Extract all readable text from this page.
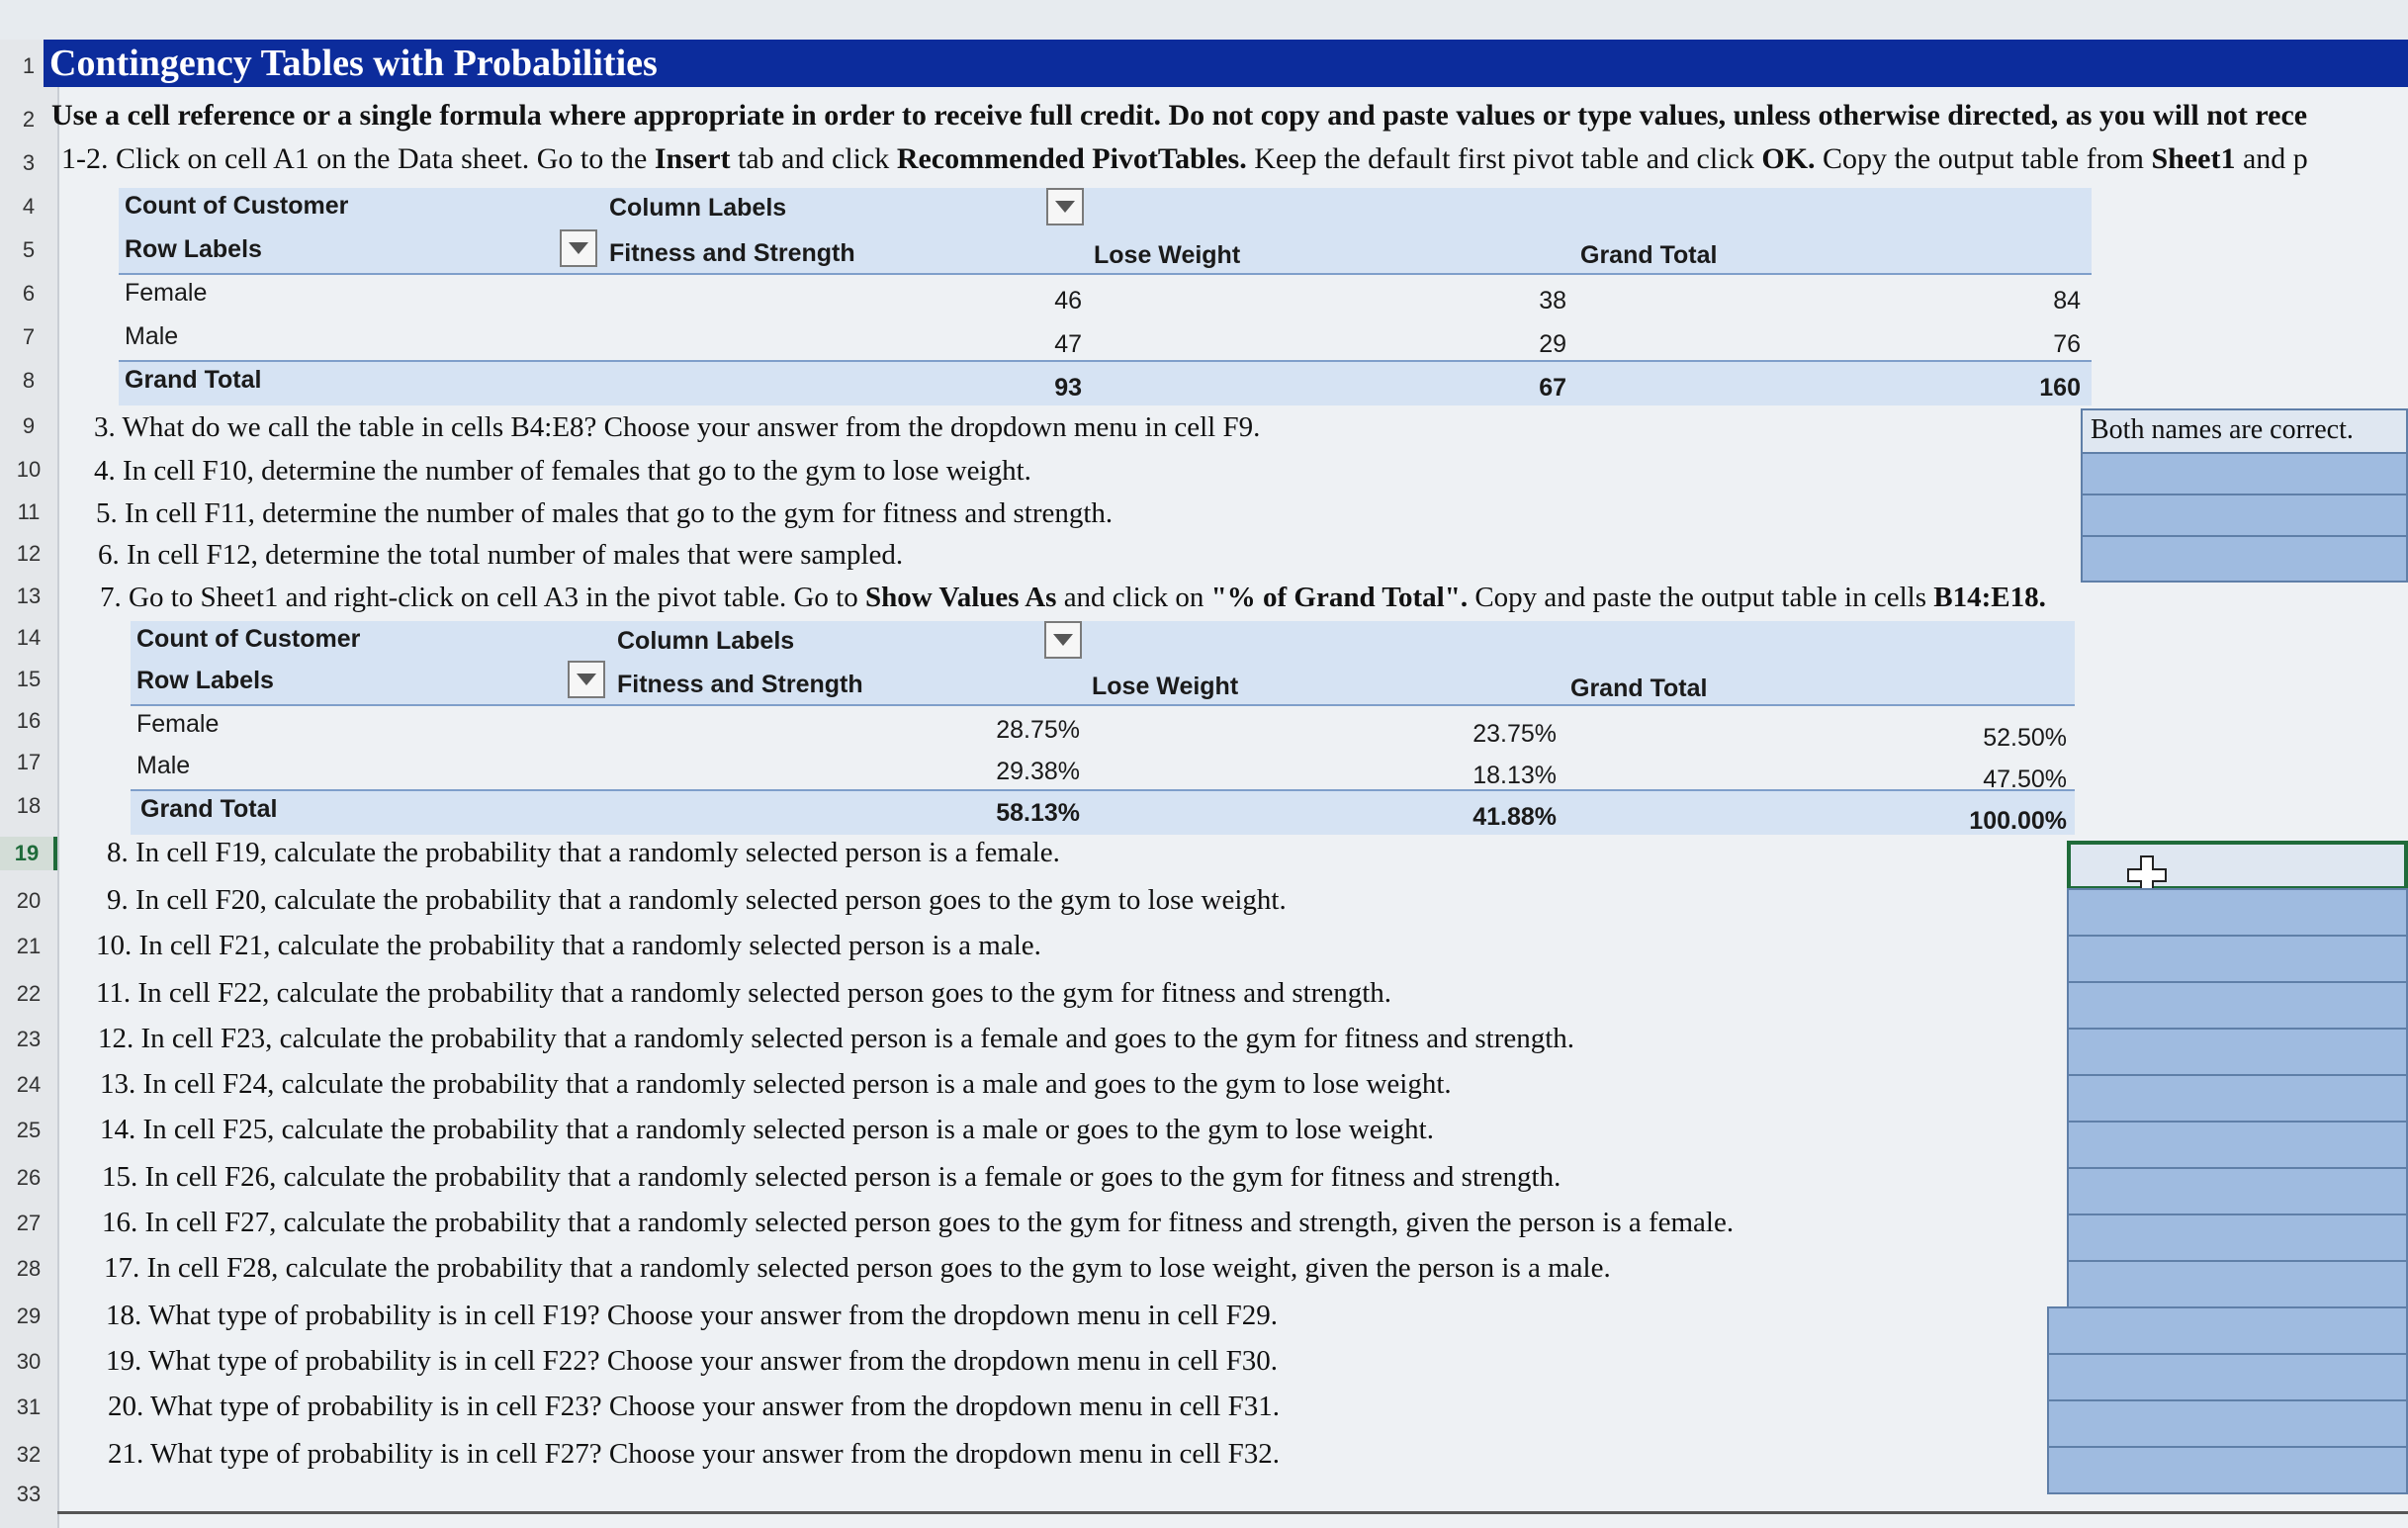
1
2
3
4
5
6
7
8
9
10
11
12
13
14
15
16
17
18
19
20
21
22
23
24
25
26
27
28
29
30
31
32
33
Contingency Tables with Probabilities
Use a cell reference or a single formula where appropriate in order to receive full credit. Do not copy and paste values or type values, unless otherwise directed, as you will not rece
1-2. Click on cell A1 on the Data sheet. Go to the Insert tab and click Recommended PivotTables. Keep the default first pivot table and click OK. Copy the output table from Sheet1 and p
Count of Customer	Column Labels
Row Labels	Fitness and Strength	Lose Weight	Grand Total
Female	46	38	84
Male	47	29	76
Grand Total	93	67	160
3. What do we call the table in cells B4:E8? Choose your answer from the dropdown menu in cell F9.
4. In cell F10, determine the number of females that go to the gym to lose weight.
5. In cell F11, determine the number of males that go to the gym for fitness and strength.
6. In cell F12, determine the total number of males that were sampled.
Both names are correct.
7. Go to Sheet1 and right-click on cell A3 in the pivot table. Go to Show Values As and click on "% of Grand Total". Copy and paste the output table in cells B14:E18.
Count of Customer	Column Labels
Row Labels	Fitness and Strength	Lose Weight	Grand Total
Female	28.75%	23.75%	52.50%
Male	29.38%	18.13%	47.50%
Grand Total	58.13%	41.88%	100.00%
8. In cell F19, calculate the probability that a randomly selected person is a female.
9. In cell F20, calculate the probability that a randomly selected person goes to the gym to lose weight.
10. In cell F21, calculate the probability that a randomly selected person is a male.
11. In cell F22, calculate the probability that a randomly selected person goes to the gym for fitness and strength.
12. In cell F23, calculate the probability that a randomly selected person is a female and goes to the gym for fitness and strength.
13. In cell F24, calculate the probability that a randomly selected person is a male and goes to the gym to lose weight.
14. In cell F25, calculate the probability that a randomly selected person is a male or goes to the gym to lose weight.
15. In cell F26, calculate the probability that a randomly selected person is a female or goes to the gym for fitness and strength.
16. In cell F27, calculate the probability that a randomly selected person goes to the gym for fitness and strength, given the person is a female.
17. In cell F28, calculate the probability that a randomly selected person goes to the gym to lose weight, given the person is a male.
18. What type of probability is in cell F19? Choose your answer from the dropdown menu in cell F29.
19. What type of probability is in cell F22? Choose your answer from the dropdown menu in cell F30.
20. What type of probability is in cell F23? Choose your answer from the dropdown menu in cell F31.
21. What type of probability is in cell F27? Choose your answer from the dropdown menu in cell F32.
